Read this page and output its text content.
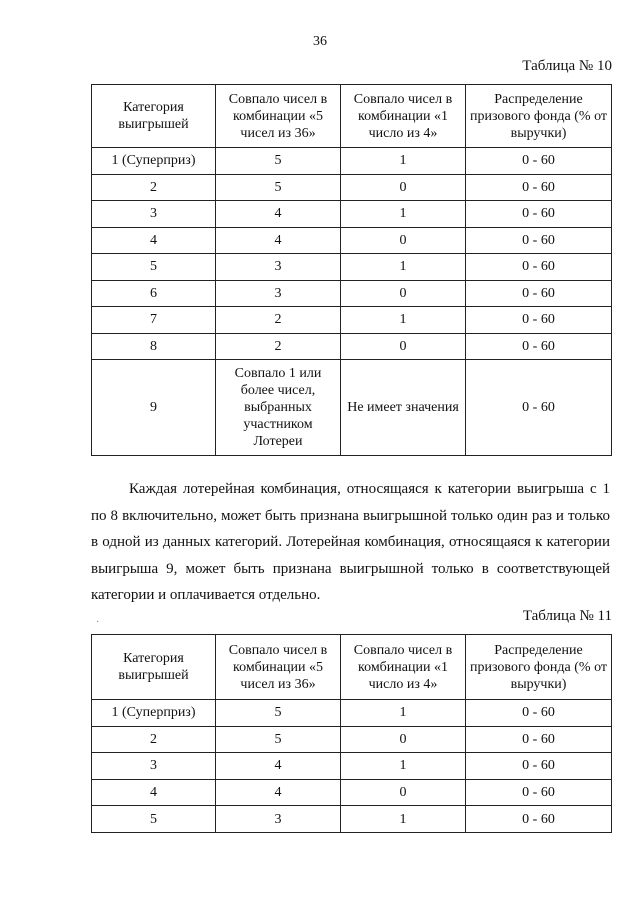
36
Таблица № 10
Категория выигрышей	Совпало чисел в комбинации «5 чисел из 36»	Совпало чисел в комбинации «1 число из 4»	Распределение призового фонда (% от выручки)
1 (Суперприз)	5	1	0 - 60
2	5	0	0 - 60
3	4	1	0 - 60
4	4	0	0 - 60
5	3	1	0 - 60
6	3	0	0 - 60
7	2	1	0 - 60
8	2	0	0 - 60
9	Совпало 1 или более чисел, выбранных участником Лотереи	Не имеет значения	0 - 60

Каждая лотерейная комбинация, относящаяся к категории выигрыша с 1 по 8 включительно, может быть признана выигрышной только один раз и только в одной из данных категорий. Лотерейная комбинация, относящаяся к категории выигрыша 9, может быть признана выигрышной только в соответствующей категории и оплачивается отдельно.

·	Таблица № 11
Категория выигрышей	Совпало чисел в комбинации «5 чисел из 36»	Совпало чисел в комбинации «1 число из 4»	Распределение призового фонда (% от выручки)
1 (Суперприз)	5	1	0 - 60
2	5	0	0 - 60
3	4	1	0 - 60
4	4	0	0 - 60
5	3	1	0 - 60
